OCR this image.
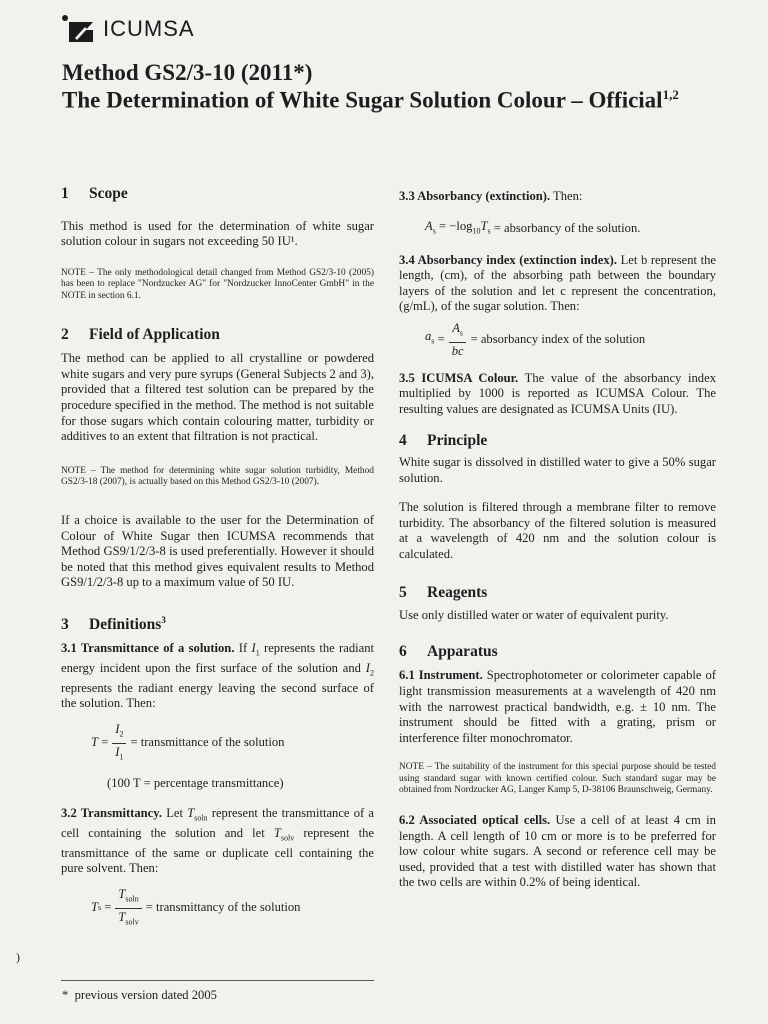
ICUMSA
Method GS2/3-10 (2011*)
The Determination of White Sugar Solution Colour – Official$^{1,2}$
1 Scope

This method is used for the determination of white sugar solution colour in sugars not exceeding 50 IU¹.

NOTE – The only methodological detail changed from Method GS2/3-10 (2005) has been to replace "Nordzucker AG" for "Nordzucker InnoCenter GmbH" in the NOTE in section 6.1.

2 Field of Application

The method can be applied to all crystalline or powdered white sugars and very pure syrups (General Subjects 2 and 3), provided that a filtered test solution can be prepared by the procedure specified in the method. The method is not suitable for those sugars which contain colouring matter, turbidity or additives to an extent that filtration is not practical.

NOTE – The method for determining white sugar solution turbidity, Method GS2/3-18 (2007), is actually based on this Method GS2/3-10 (2007).

If a choice is available to the user for the Determination of Colour of White Sugar then ICUMSA recommends that Method GS9/1/2/3-8 is used preferentially. However it should be noted that this method gives equivalent results to Method GS9/1/2/3-8 up to a maximum value of 50 IU.

3 Definitions$^3$

3.1 Transmittance of a solution. If $I_1$ represents the radiant energy incident upon the first surface of the solution and $I_2$ represents the radiant energy leaving the second surface of the solution. Then:

$T = \frac{I_2}{I_1}$ = transmittance of the solution

(100 T = percentage transmittance)

3.2 Transmittancy. Let $T_{soln}$ represent the transmittance of a cell containing the solution and let $T_{solv}$ represent the transmittance of the same or duplicate cell containing the pure solvent. Then:

T $s = \frac{T_{soln}}{T_{solv}}$ = transmittancy of the solution

3.3 Absorbancy (extinction). Then:

$A_s = -\log_{10}T_s$ = absorbancy of the solution.

3.4 Absorbancy index (extinction index). Let b represent the length, (cm), of the absorbing path between the boundary layers of the solution and let c represent the concentration, (g/mL), of the sugar solution. Then:

$a_s = \frac{A_s}{bc}$ = absorbancy index of the solution

3.5 ICUMSA Colour. The value of the absorbancy index multiplied by 1000 is reported as ICUMSA Colour. The resulting values are designated as ICUMSA Units (IU).

4 Principle

White sugar is dissolved in distilled water to give a 50% sugar solution.

The solution is filtered through a membrane filter to remove turbidity. The absorbancy of the filtered solution is measured at a wavelength of 420 nm and the solution colour is calculated.

5 Reagents

Use only distilled water or water of equivalent purity.

6 Apparatus

6.1 Instrument. Spectrophotometer or colorimeter capable of light transmission measurements at a wavelength of 420 nm with the narrowest practical bandwidth, e.g. ± 10 nm. The instrument should be fitted with a grating, prism or interference filter monochromator.

NOTE – The suitability of the instrument for this special purpose should be tested using standard sugar with known certified colour. Such standard sugar may be obtained from Nordzucker AG, Langer Kamp 5, D-38106 Braunschweig, Germany.

6.2 Associated optical cells. Use a cell of at least 4 cm in length. A cell length of 10 cm or more is to be preferred for low colour white sugars. A second or reference cell may be used, provided that a test with distilled water has shown that the two cells are within 0.2% of being identical.

)
* previous version dated 2005
